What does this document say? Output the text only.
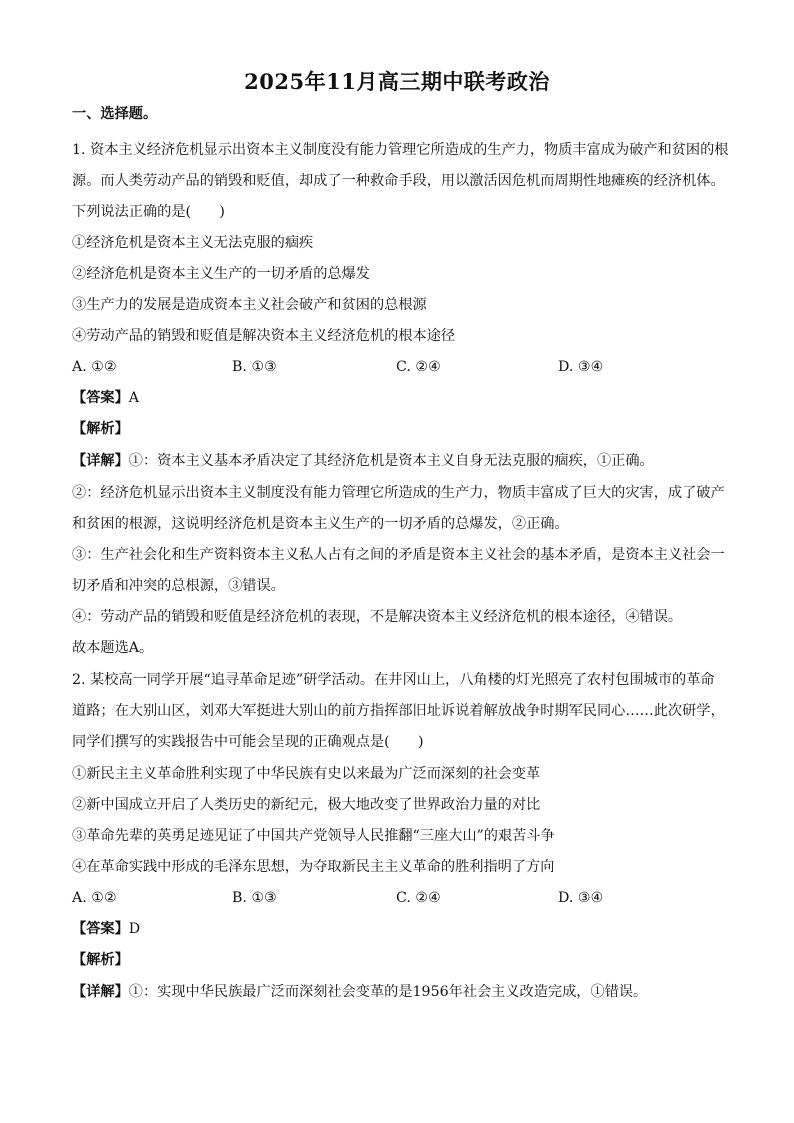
2025年11月高三期中联考政治
一、选择题。
1. 资本主义经济危机显示出资本主义制度没有能力管理它所造成的生产力，物质丰富成为破产和贫困的根
源。而人类劳动产品的销毁和贬值，却成了一种救命手段，用以激活因危机而周期性地瘫痪的经济机体。
下列说法正确的是(　　)
①经济危机是资本主义无法克服的痼疾
②经济危机是资本主义生产的一切矛盾的总爆发
③生产力的发展是造成资本主义社会破产和贫困的总根源
④劳动产品的销毁和贬值是解决资本主义经济危机的根本途径
A. ①②	B. ①③	C. ②④	D. ③④
【答案】A
【解析】
【详解】①：资本主义基本矛盾决定了其经济危机是资本主义自身无法克服的痼疾，①正确。
②：经济危机显示出资本主义制度没有能力管理它所造成的生产力，物质丰富成了巨大的灾害，成了破产
和贫困的根源，这说明经济危机是资本主义生产的一切矛盾的总爆发，②正确。
③：生产社会化和生产资料资本主义私人占有之间的矛盾是资本主义社会的基本矛盾，是资本主义社会一
切矛盾和冲突的总根源，③错误。
④：劳动产品的销毁和贬值是经济危机的表现，不是解决资本主义经济危机的根本途径，④错误。
故本题选A。
2. 某校高一同学开展“追寻革命足迹”研学活动。在井冈山上，八角楼的灯光照亮了农村包围城市的革命
道路；在大别山区，刘邓大军挺进大别山的前方指挥部旧址诉说着解放战争时期军民同心……此次研学，
同学们撰写的实践报告中可能会呈现的正确观点是(　　)
①新民主主义革命胜利实现了中华民族有史以来最为广泛而深刻的社会变革
②新中国成立开启了人类历史的新纪元，极大地改变了世界政治力量的对比
③革命先辈的英勇足迹见证了中国共产党领导人民推翻“三座大山”的艰苦斗争
④在革命实践中形成的毛泽东思想，为夺取新民主主义革命的胜利指明了方向
A. ①②	B. ①③	C. ②④	D. ③④
【答案】D
【解析】
【详解】①：实现中华民族最广泛而深刻社会变革的是1956年社会主义改造完成，①错误。
